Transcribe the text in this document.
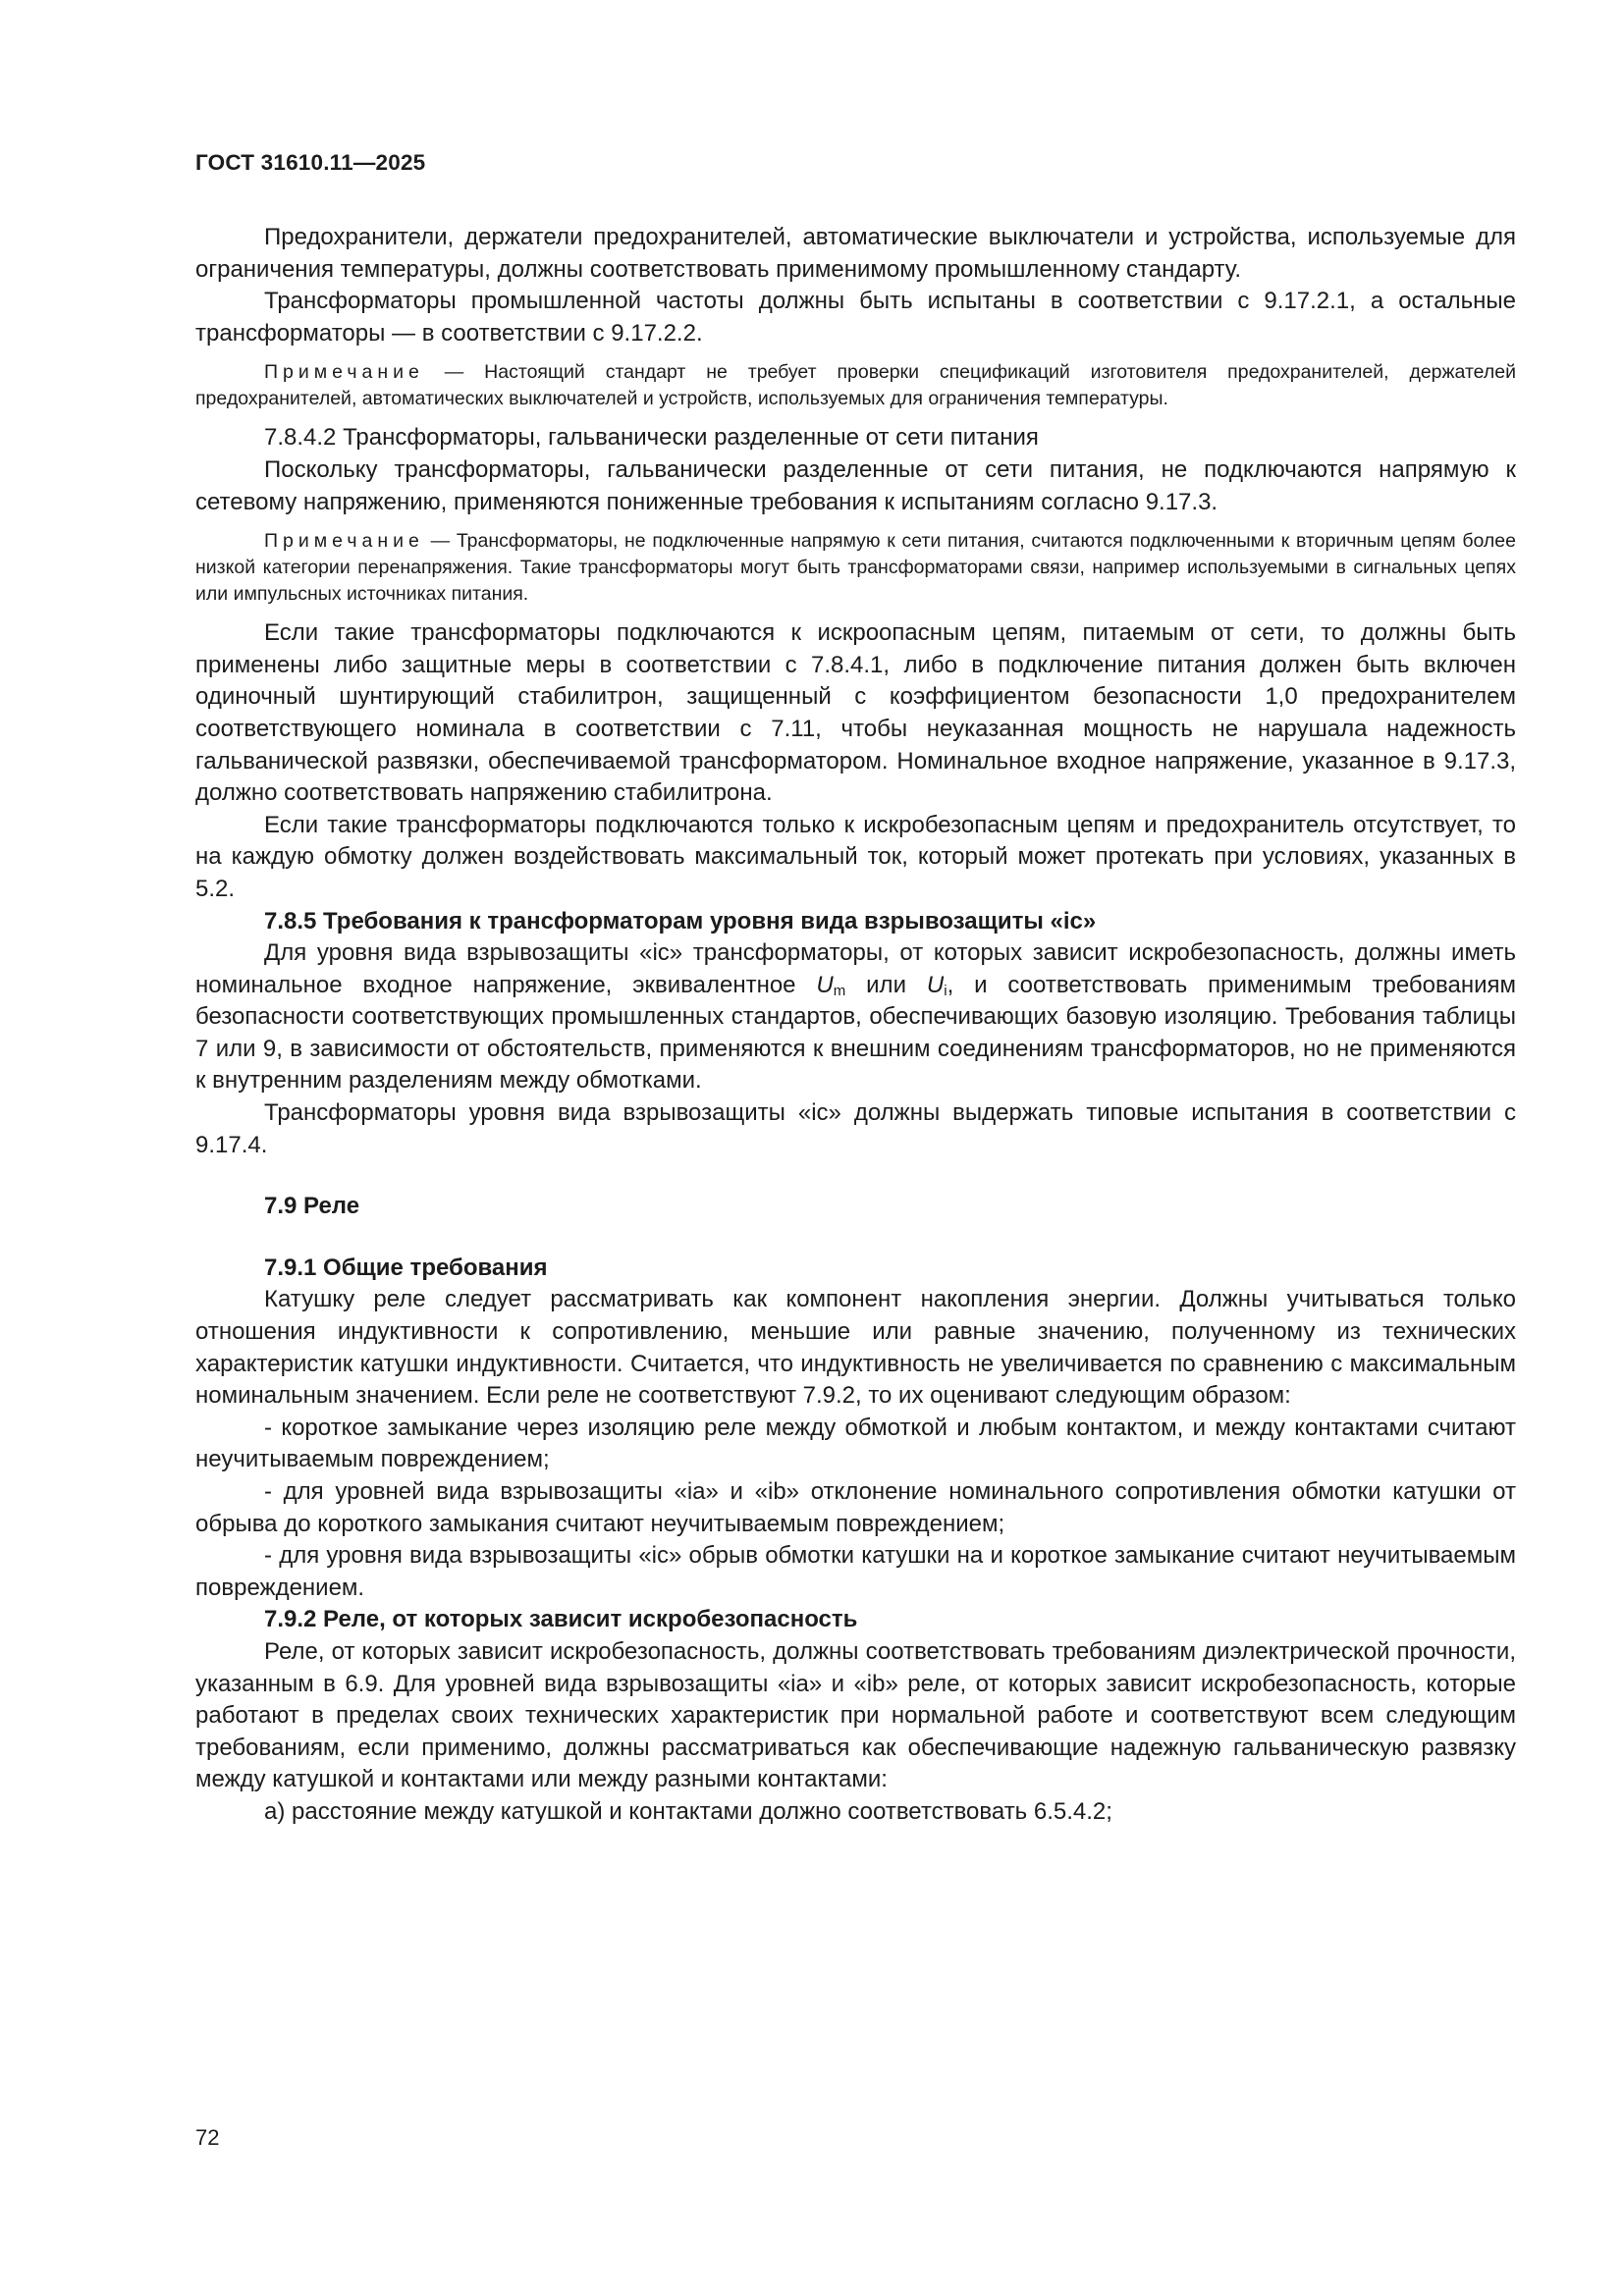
ГОСТ 31610.11—2025

Предохранители, держатели предохранителей, автоматические выключатели и устройства, используемые для ограничения температуры, должны соответствовать применимому промышленному стандарту.

Трансформаторы промышленной частоты должны быть испытаны в соответствии с 9.17.2.1, а остальные трансформаторы — в соответствии с 9.17.2.2.

Примечание — Настоящий стандарт не требует проверки спецификаций изготовителя предохранителей, держателей предохранителей, автоматических выключателей и устройств, используемых для ограничения температуры.

7.8.4.2 Трансформаторы, гальванически разделенные от сети питания

Поскольку трансформаторы, гальванически разделенные от сети питания, не подключаются напрямую к сетевому напряжению, применяются пониженные требования к испытаниям согласно 9.17.3.

Примечание — Трансформаторы, не подключенные напрямую к сети питания, считаются подключенными к вторичным цепям более низкой категории перенапряжения. Такие трансформаторы могут быть трансформаторами связи, например используемыми в сигнальных цепях или импульсных источниках питания.

Если такие трансформаторы подключаются к искроопасным цепям, питаемым от сети, то должны быть применены либо защитные меры в соответствии с 7.8.4.1, либо в подключение питания должен быть включен одиночный шунтирующий стабилитрон, защищенный с коэффициентом безопасности 1,0 предохранителем соответствующего номинала в соответствии с 7.11, чтобы неуказанная мощность не нарушала надежность гальванической развязки, обеспечиваемой трансформатором. Номинальное входное напряжение, указанное в 9.17.3, должно соответствовать напряжению стабилитрона.

Если такие трансформаторы подключаются только к искробезопасным цепям и предохранитель отсутствует, то на каждую обмотку должен воздействовать максимальный ток, который может протекать при условиях, указанных в 5.2.

7.8.5 Требования к трансформаторам уровня вида взрывозащиты «ic»

Для уровня вида взрывозащиты «ic» трансформаторы, от которых зависит искробезопасность, должны иметь номинальное входное напряжение, эквивалентное $U_m$ или $U_i$, и соответствовать применимым требованиям безопасности соответствующих промышленных стандартов, обеспечивающих базовую изоляцию. Требования таблицы 7 или 9, в зависимости от обстоятельств, применяются к внешним соединениям трансформаторов, но не применяются к внутренним разделениям между обмотками.

Трансформаторы уровня вида взрывозащиты «ic» должны выдержать типовые испытания в соответствии с 9.17.4.

7.9 Реле

7.9.1 Общие требования

Катушку реле следует рассматривать как компонент накопления энергии. Должны учитываться только отношения индуктивности к сопротивлению, меньшие или равные значению, полученному из технических характеристик катушки индуктивности. Считается, что индуктивность не увеличивается по сравнению с максимальным номинальным значением. Если реле не соответствуют 7.9.2, то их оценивают следующим образом:

- короткое замыкание через изоляцию реле между обмоткой и любым контактом, и между контактами считают неучитываемым повреждением;

- для уровней вида взрывозащиты «ia» и «ib» отклонение номинального сопротивления обмотки катушки от обрыва до короткого замыкания считают неучитываемым повреждением;

- для уровня вида взрывозащиты «ic» обрыв обмотки катушки на и короткое замыкание считают неучитываемым повреждением.

7.9.2 Реле, от которых зависит искробезопасность

Реле, от которых зависит искробезопасность, должны соответствовать требованиям диэлектрической прочности, указанным в 6.9. Для уровней вида взрывозащиты «ia» и «ib» реле, от которых зависит искробезопасность, которые работают в пределах своих технических характеристик при нормальной работе и соответствуют всем следующим требованиям, если применимо, должны рассматриваться как обеспечивающие надежную гальваническую развязку между катушкой и контактами или между разными контактами:

а) расстояние между катушкой и контактами должно соответствовать 6.5.4.2;

72
